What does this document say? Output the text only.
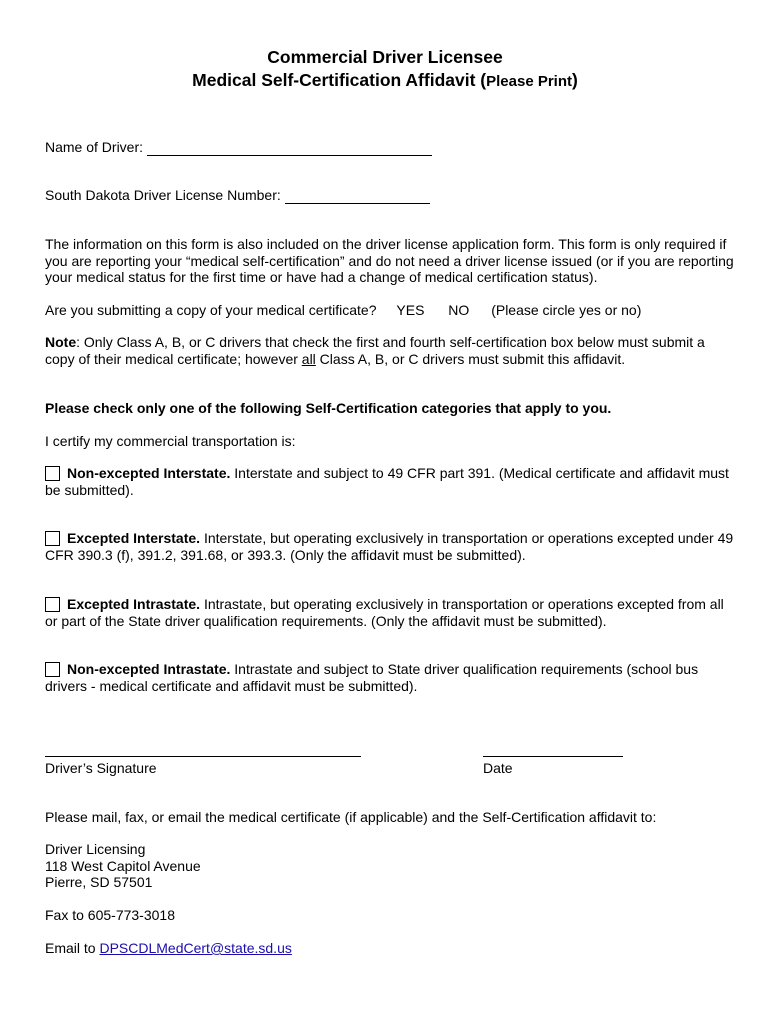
Commercial Driver Licensee
Medical Self-Certification Affidavit (Please Print)
Name of Driver:
South Dakota Driver License Number:
The information on this form is also included on the driver license application form. This form is only required if you are reporting your “medical self-certification” and do not need a driver license issued (or if you are reporting your medical status for the first time or have had a change of medical certification status).
Are you submitting a copy of your medical certificate? YES NO (Please circle yes or no)
Note: Only Class A, B, or C drivers that check the first and fourth self-certification box below must submit a copy of their medical certificate; however all Class A, B, or C drivers must submit this affidavit.
Please check only one of the following Self-Certification categories that apply to you.
I certify my commercial transportation is:
Non-excepted Interstate. Interstate and subject to 49 CFR part 391. (Medical certificate and affidavit must be submitted).
Excepted Interstate. Interstate, but operating exclusively in transportation or operations excepted under 49 CFR 390.3 (f), 391.2, 391.68, or 393.3. (Only the affidavit must be submitted).
Excepted Intrastate. Intrastate, but operating exclusively in transportation or operations excepted from all or part of the State driver qualification requirements. (Only the affidavit must be submitted).
Non-excepted Intrastate. Intrastate and subject to State driver qualification requirements (school bus drivers - medical certificate and affidavit must be submitted).
Driver’s Signature	Date
Please mail, fax, or email the medical certificate (if applicable) and the Self-Certification affidavit to:
Driver Licensing
118 West Capitol Avenue
Pierre, SD 57501
Fax to 605-773-3018
Email to DPSCDLMedCert@state.sd.us
